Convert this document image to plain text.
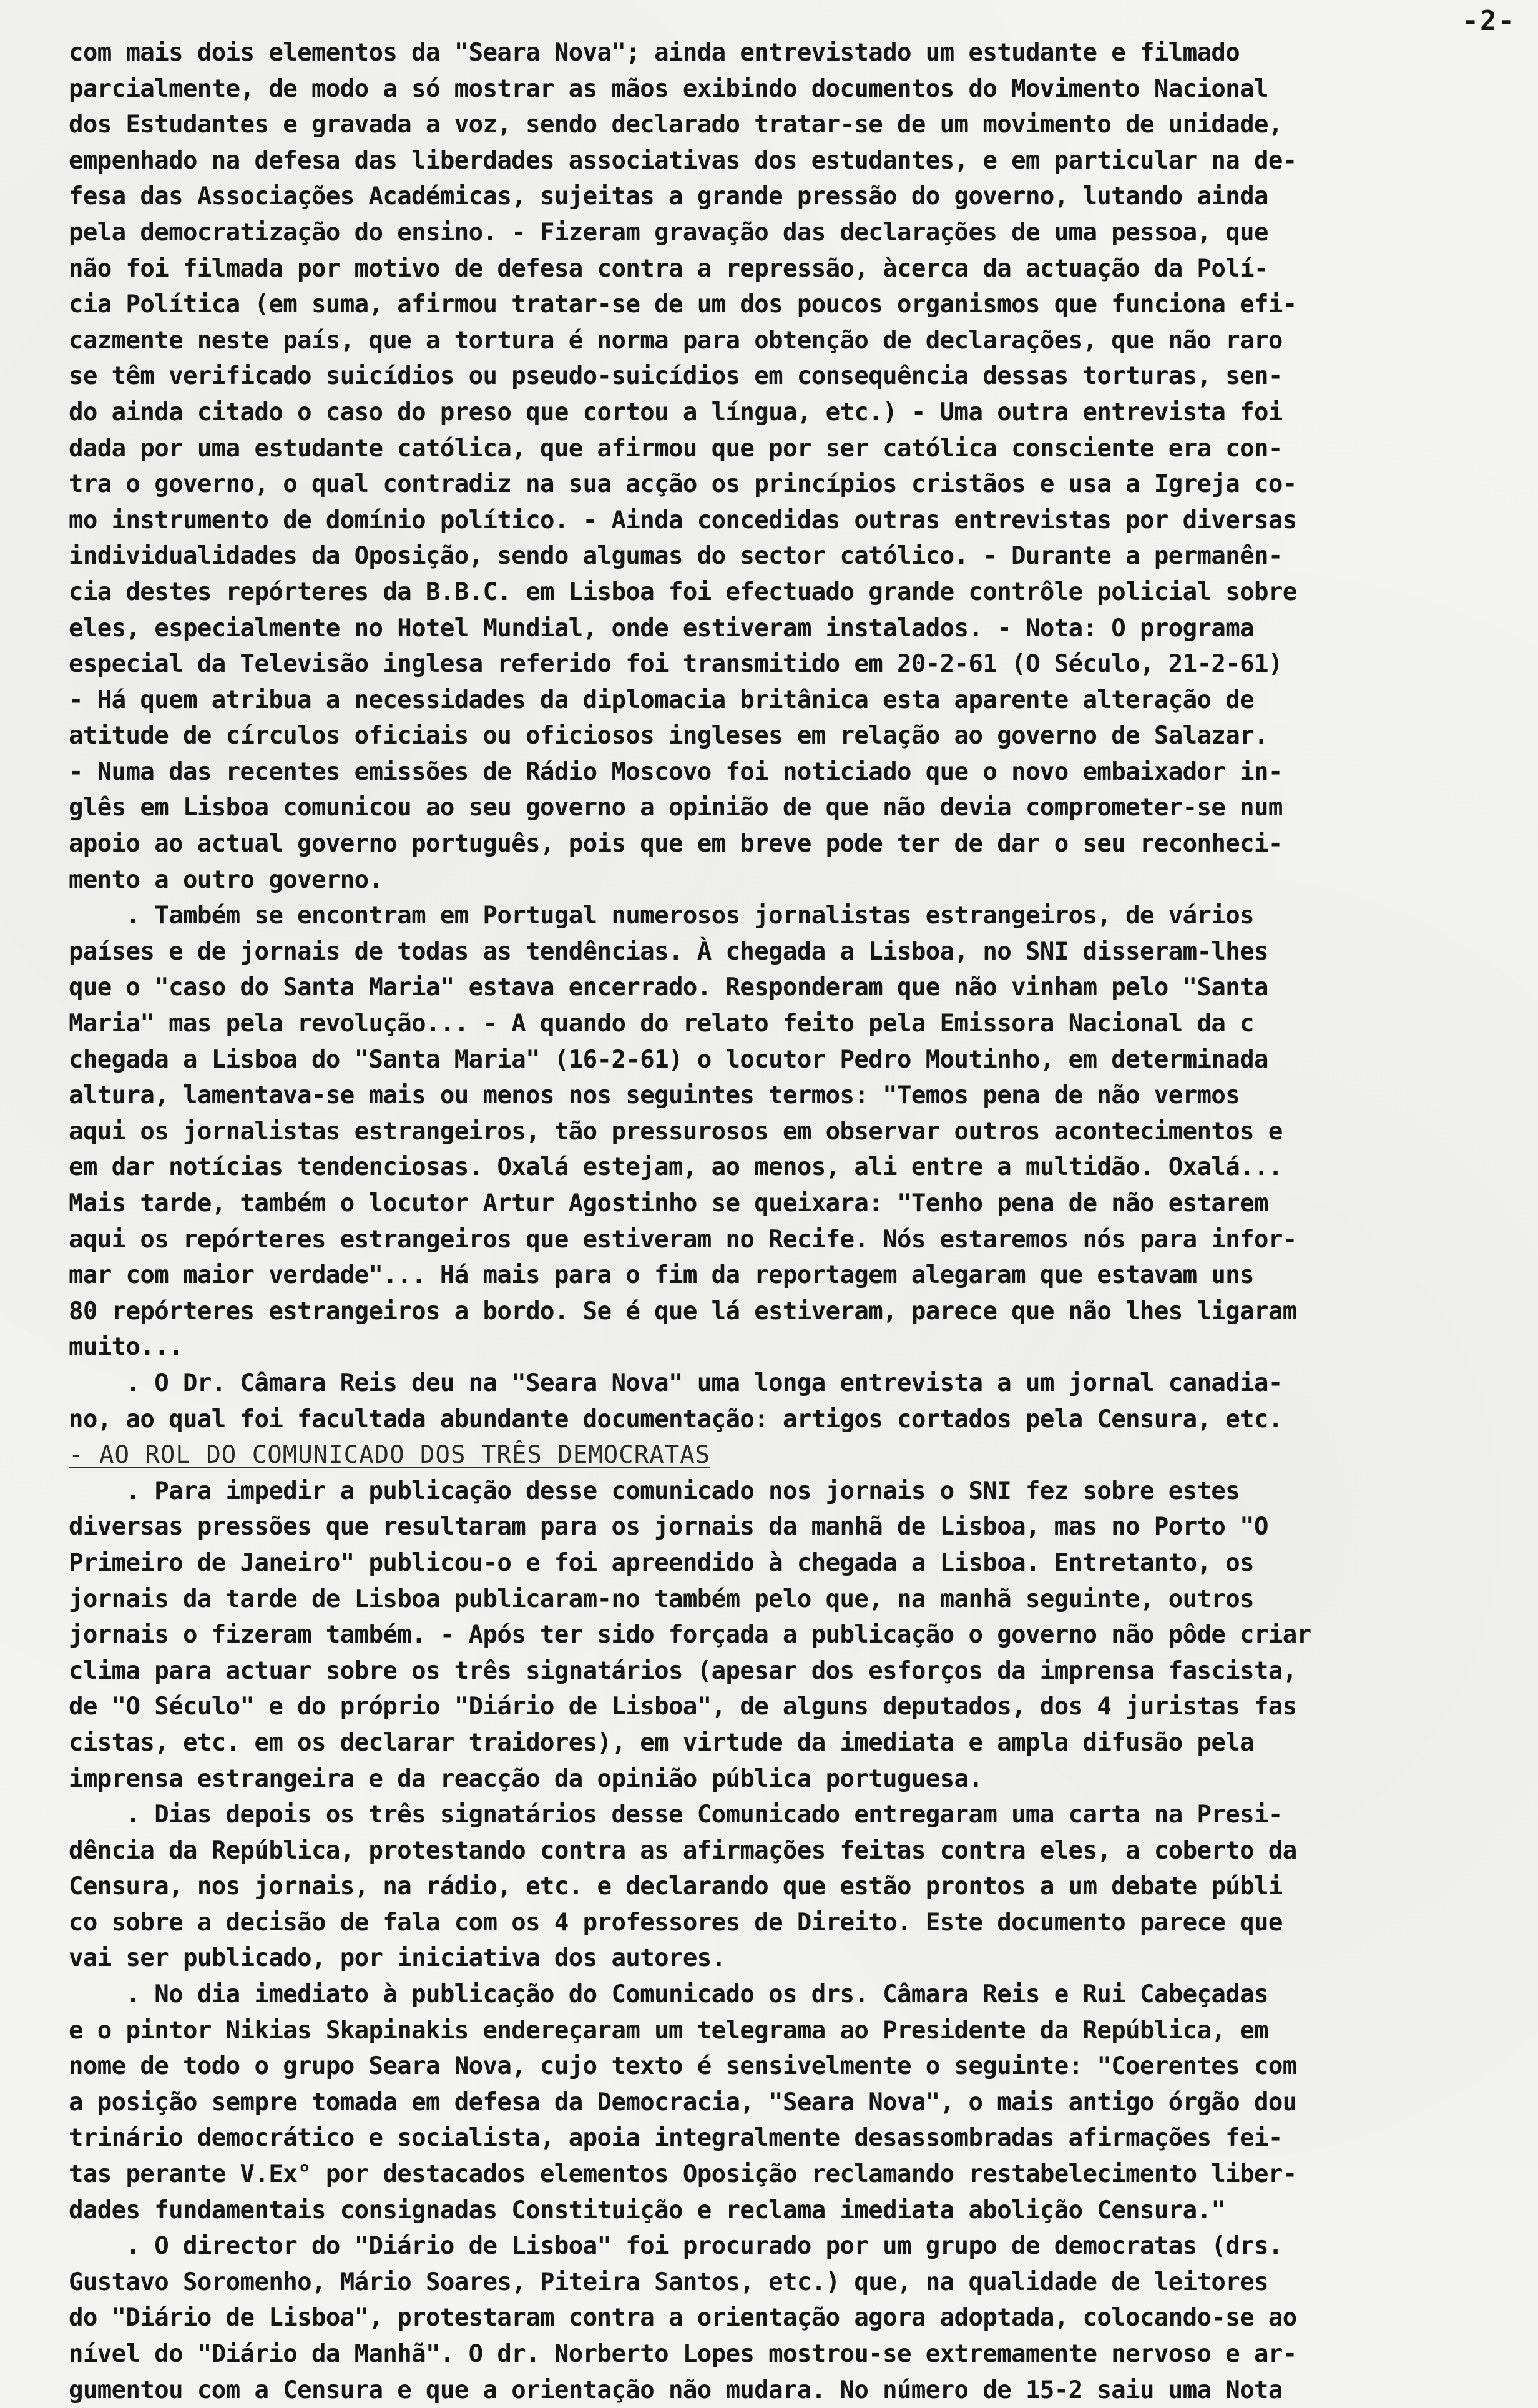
-2-
com mais dois elementos da "Seara Nova"; ainda entrevistado um estudante e filmado
parcialmente, de modo a só mostrar as mãos exibindo documentos do Movimento Nacional
dos Estudantes e gravada a voz, sendo declarado tratar-se de um movimento de unidade,
empenhado na defesa das liberdades associativas dos estudantes, e em particular na de-
fesa das Associações Académicas, sujeitas a grande pressão do governo, lutando ainda
pela democratização do ensino. - Fizeram gravação das declarações de uma pessoa, que
não foi filmada por motivo de defesa contra a repressão, àcerca da actuação da Polí-
cia Política (em suma, afirmou tratar-se de um dos poucos organismos que funciona efi-
cazmente neste país, que a tortura é norma para obtenção de declarações, que não raro
se têm verificado suicídios ou pseudo-suicídios em consequência dessas torturas, sen-
do ainda citado o caso do preso que cortou a língua, etc.) - Uma outra entrevista foi
dada por uma estudante católica, que afirmou que por ser católica consciente era con-
tra o governo, o qual contradiz na sua acção os princípios cristãos e usa a Igreja co-
mo instrumento de domínio político. - Ainda concedidas outras entrevistas por diversas
individualidades da Oposição, sendo algumas do sector católico. - Durante a permanên-
cia destes repórteres da B.B.C. em Lisboa foi efectuado grande contrôle policial sobre
eles, especialmente no Hotel Mundial, onde estiveram instalados. - Nota: O programa
especial da Televisão inglesa referido foi transmitido em 20-2-61 (O Século, 21-2-61)
- Há quem atribua a necessidades da diplomacia britânica esta aparente alteração de
atitude de círculos oficiais ou oficiosos ingleses em relação ao governo de Salazar.
- Numa das recentes emissões de Rádio Moscovo foi noticiado que o novo embaixador in-
glês em Lisboa comunicou ao seu governo a opinião de que não devia comprometer-se num
apoio ao actual governo português, pois que em breve pode ter de dar o seu reconheci-
mento a outro governo.
. Também se encontram em Portugal numerosos jornalistas estrangeiros, de vários
países e de jornais de todas as tendências. À chegada a Lisboa, no SNI disseram-lhes
que o "caso do Santa Maria" estava encerrado. Responderam que não vinham pelo "Santa
Maria" mas pela revolução... - A quando do relato feito pela Emissora Nacional da c
chegada a Lisboa do "Santa Maria" (16-2-61) o locutor Pedro Moutinho, em determinada
altura, lamentava-se mais ou menos nos seguintes termos: "Temos pena de não vermos
aqui os jornalistas estrangeiros, tão pressurosos em observar outros acontecimentos e
em dar notícias tendenciosas. Oxalá estejam, ao menos, ali entre a multidão. Oxalá...
Mais tarde, também o locutor Artur Agostinho se queixara: "Tenho pena de não estarem
aqui os repórteres estrangeiros que estiveram no Recife. Nós estaremos nós para infor-
mar com maior verdade"... Há mais para o fim da reportagem alegaram que estavam uns
80 repórteres estrangeiros a bordo. Se é que lá estiveram, parece que não lhes ligaram
muito...
. O Dr. Câmara Reis deu na "Seara Nova" uma longa entrevista a um jornal canadia-
no, ao qual foi facultada abundante documentação: artigos cortados pela Censura, etc.
- AO ROL DO COMUNICADO DOS TRÊS DEMOCRATAS
. Para impedir a publicação desse comunicado nos jornais o SNI fez sobre estes
diversas pressões que resultaram para os jornais da manhã de Lisboa, mas no Porto "O
Primeiro de Janeiro" publicou-o e foi apreendido à chegada a Lisboa. Entretanto, os
jornais da tarde de Lisboa publicaram-no também pelo que, na manhã seguinte, outros
jornais o fizeram também. - Após ter sido forçada a publicação o governo não pôde criar
clima para actuar sobre os três signatários (apesar dos esforços da imprensa fascista,
de "O Século" e do próprio "Diário de Lisboa", de alguns deputados, dos 4 juristas fas
cistas, etc. em os declarar traidores), em virtude da imediata e ampla difusão pela
imprensa estrangeira e da reacção da opinião pública portuguesa.
. Dias depois os três signatários desse Comunicado entregaram uma carta na Presi-
dência da República, protestando contra as afirmações feitas contra eles, a coberto da
Censura, nos jornais, na rádio, etc. e declarando que estão prontos a um debate públi
co sobre a decisão de fala com os 4 professores de Direito. Este documento parece que
vai ser publicado, por iniciativa dos autores.
. No dia imediato à publicação do Comunicado os drs. Câmara Reis e Rui Cabeçadas
e o pintor Nikias Skapinakis endereçaram um telegrama ao Presidente da República, em
nome de todo o grupo Seara Nova, cujo texto é sensivelmente o seguinte: "Coerentes com
a posição sempre tomada em defesa da Democracia, "Seara Nova", o mais antigo órgão dou
trinário democrático e socialista, apoia integralmente desassombradas afirmações fei-
tas perante V.Ex° por destacados elementos Oposição reclamando restabelecimento liber-
dades fundamentais consignadas Constituição e reclama imediata abolição Censura."
. O director do "Diário de Lisboa" foi procurado por um grupo de democratas (drs.
Gustavo Soromenho, Mário Soares, Piteira Santos, etc.) que, na qualidade de leitores
do "Diário de Lisboa", protestaram contra a orientação agora adoptada, colocando-se ao
nível do "Diário da Manhã". O dr. Norberto Lopes mostrou-se extremamente nervoso e ar-
gumentou com a Censura e que a orientação não mudara. No número de 15-2 saiu uma Nota
